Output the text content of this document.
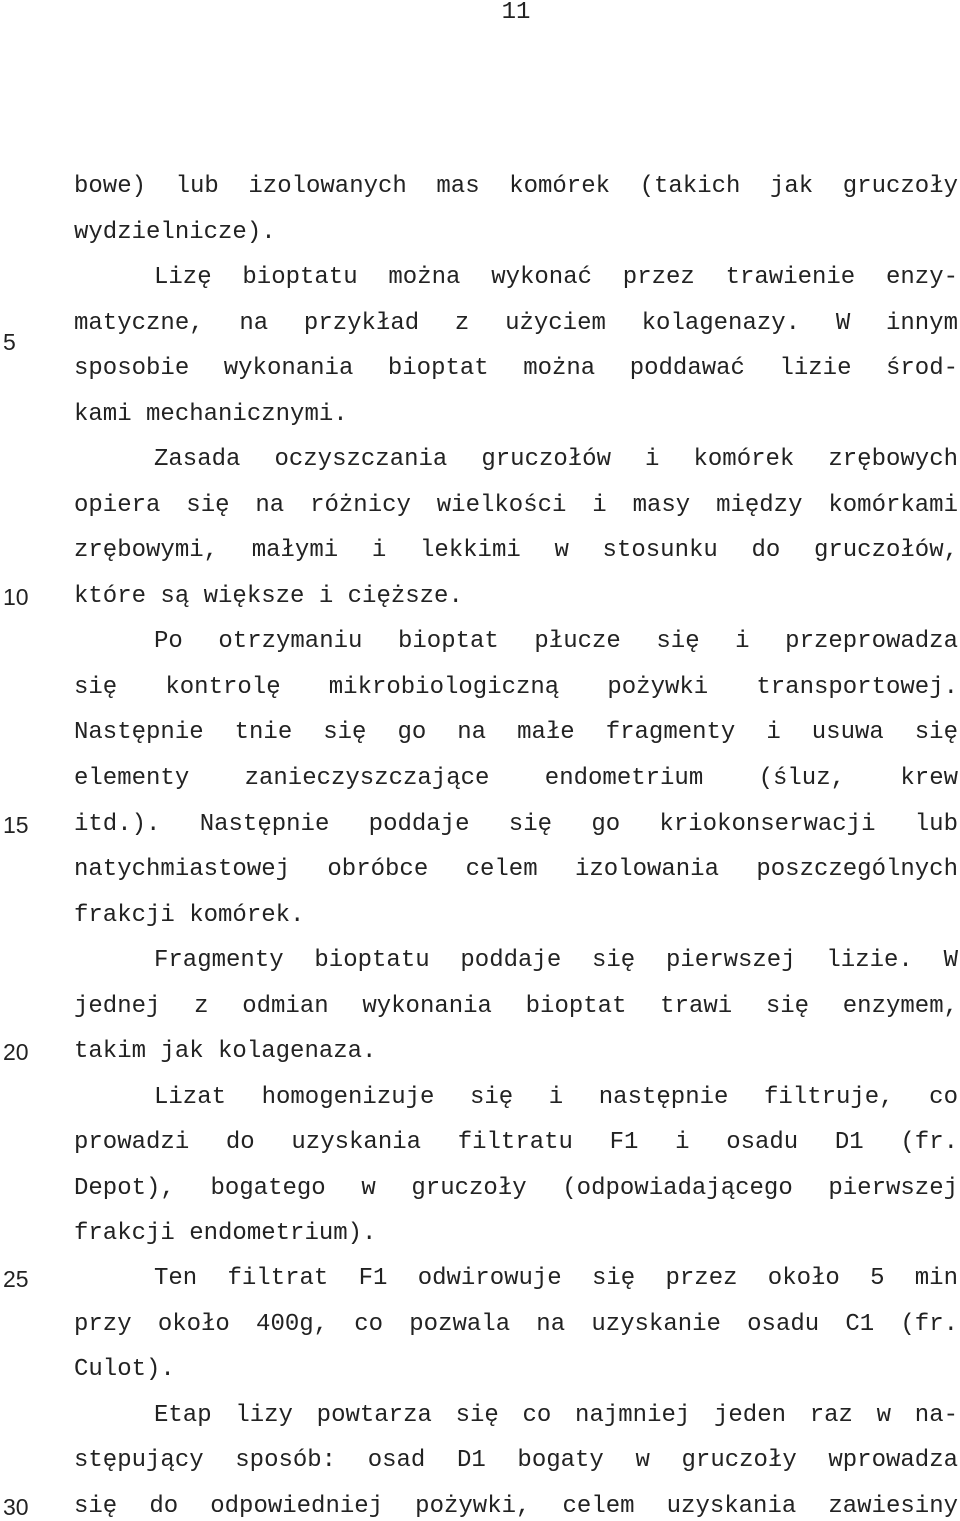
11
5
10
15
20
25
30
bowe) lub izolowanych mas komórek (takich jak gruczoły
wydzielnicze).
Lizę bioptatu można wykonać przez trawienie enzy-
matyczne, na przykład z użyciem kolagenazy. W innym
sposobie wykonania bioptat można poddawać lizie środ-
kami mechanicznymi.
Zasada oczyszczania gruczołów i komórek zrębowych
opiera się na różnicy wielkości i masy między komórkami
zrębowymi, małymi i lekkimi w stosunku do gruczołów,
które są większe i cięższe.
Po otrzymaniu bioptat płucze się i przeprowadza
się kontrolę mikrobiologiczną pożywki transportowej.
Następnie tnie się go na małe fragmenty i usuwa się
elementy zanieczyszczające endometrium (śluz, krew
itd.). Następnie poddaje się go kriokonserwacji lub
natychmiastowej obróbce celem izolowania poszczególnych
frakcji komórek.
Fragmenty bioptatu poddaje się pierwszej lizie. W
jednej z odmian wykonania bioptat trawi się enzymem,
takim jak kolagenaza.
Lizat homogenizuje się i następnie filtruje, co
prowadzi do uzyskania filtratu F1 i osadu D1 (fr.
Depot), bogatego w gruczoły (odpowiadającego pierwszej
frakcji endometrium).
Ten filtrat F1 odwirowuje się przez około 5 min
przy około 400g, co pozwala na uzyskanie osadu C1 (fr.
Culot).
Etap lizy powtarza się co najmniej jeden raz w na-
stępujący sposób: osad D1 bogaty w gruczoły wprowadza
się do odpowiedniej pożywki, celem uzyskania zawiesiny
